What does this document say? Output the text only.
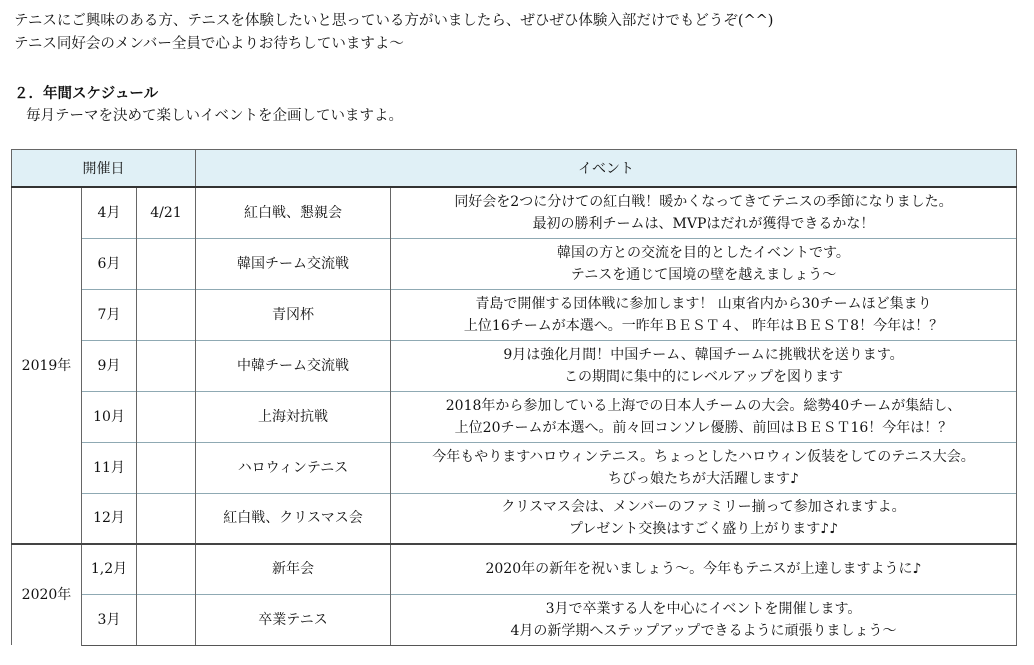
テニスにご興味のある方、テニスを体験したいと思っている方がいましたら、ぜひぜひ体験入部だけでもどうぞ(^^)

テニス同好会のメンバー全員で心よりお待ちしていますよ～

２．年間スケジュール
毎月テーマを決めて楽しいイベントを企画していますよ。
開催日			イベント	
2019年	4月	4/21	紅白戦、懇親会	同好会を2つに分けての紅白戦！暖かくなってきてテニスの季節になりました。
最初の勝利チームは、MVPはだれが獲得できるかな！

	6月		韓国チーム交流戦	韓国の方との交流を目的としたイベントです。
テニスを通じて国境の壁を越えましょう～

	7月		青冈杯	青島で開催する団体戦に参加します！ 山東省内から30チームほど集まり
上位16チームが本選へ。一昨年ＢＥＳＴ４、 昨年はＢＥＳＴ8！今年は！？

	9月		中韓チーム交流戦	9月は強化月間！中国チーム、韓国チームに挑戦状を送ります。
この期間に集中的にレベルアップを図ります

	10月		上海対抗戦	2018年から参加している上海での日本人チームの大会。総勢40チームが集結し、
上位20チームが本選へ。前々回コンソレ優勝、前回はＢＥＳＴ16！今年は！？

	11月		ハロウィンテニス	今年もやりますハロウィンテニス。ちょっとしたハロウィン仮装をしてのテニス大会。
ちびっ娘たちが大活躍します♪

	12月		紅白戦、クリスマス会	クリスマス会は、メンバーのファミリー揃って参加されますよ。
プレゼント交換はすごく盛り上がります♪♪

2020年	1,2月		新年会	2020年の新年を祝いましょう～。今年もテニスが上達しますように♪

	3月		卒業テニス	3月で卒業する人を中心にイベントを開催します。
4月の新学期へステップアップできるように頑張りましょう～
